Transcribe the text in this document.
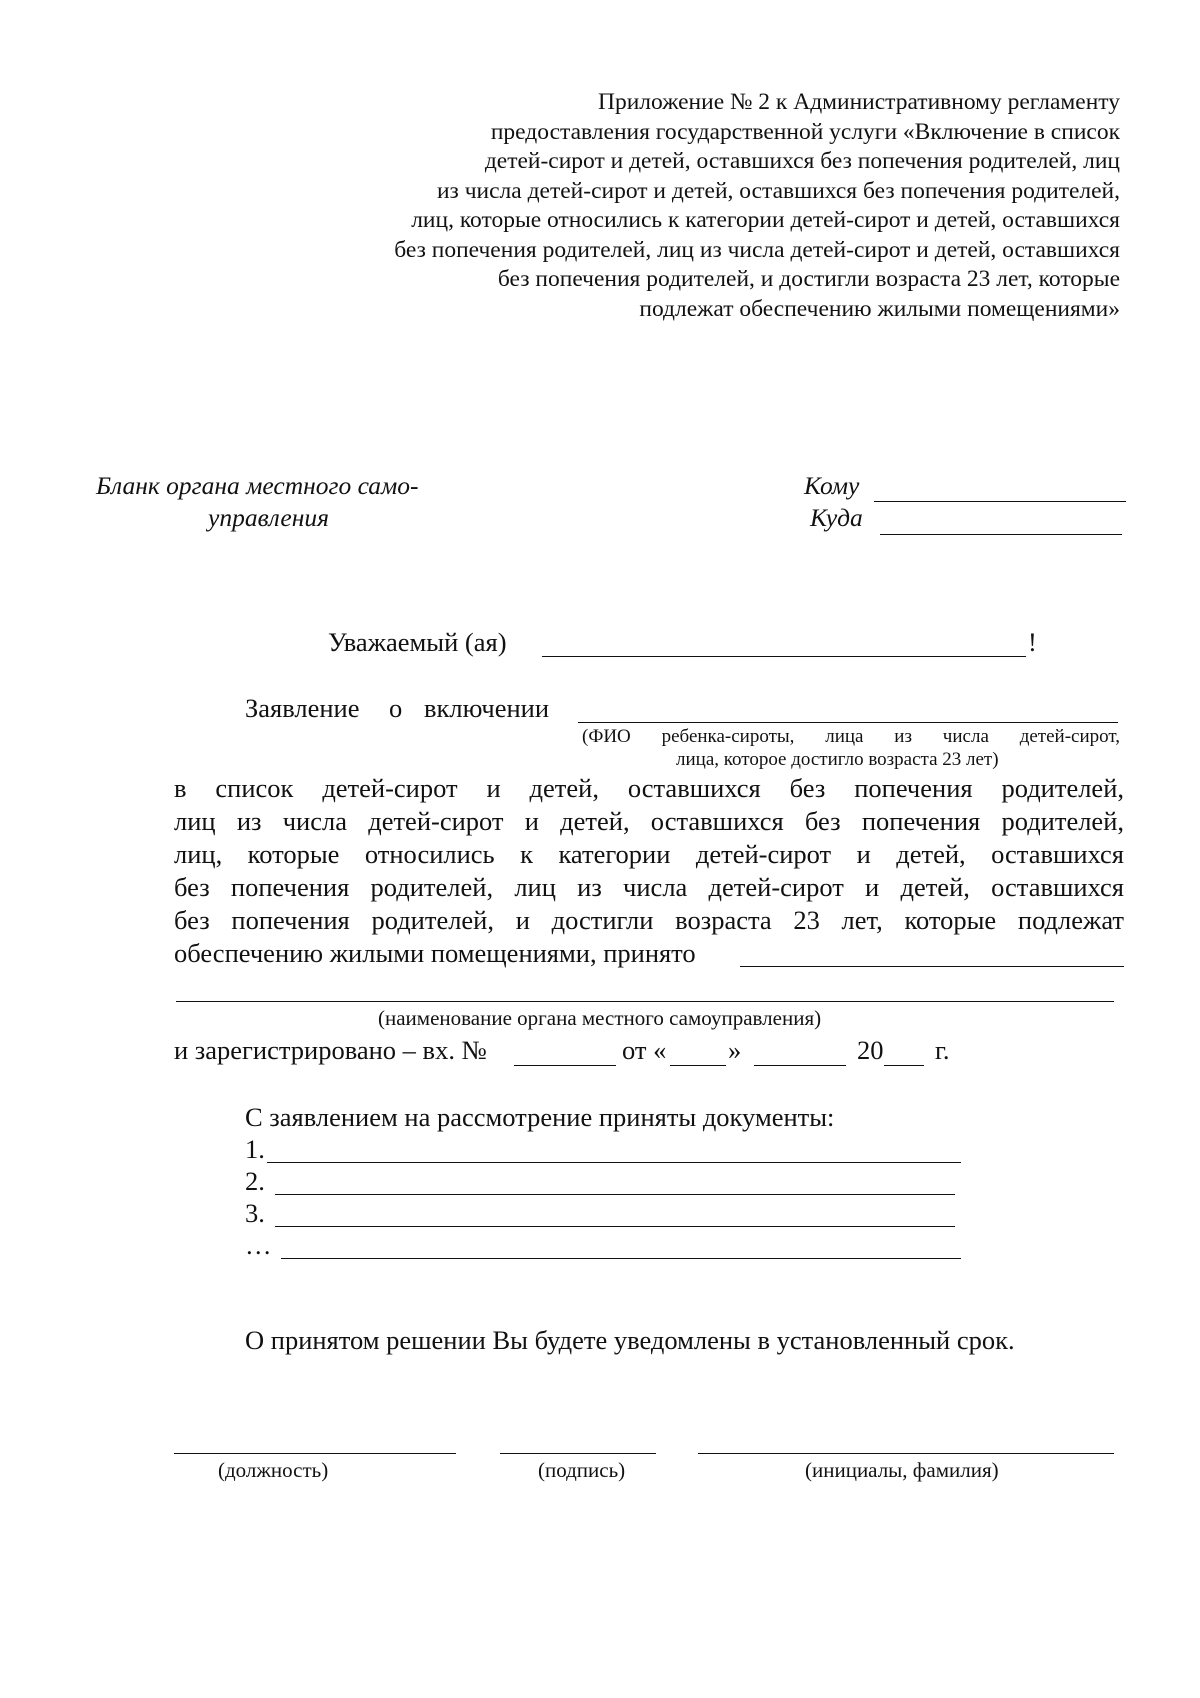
Приложение № 2 к Административному регламенту
предоставления государственной услуги «Включение в список
детей-сирот и детей, оставшихся без попечения родителей, лиц
из числа детей-сирот и детей, оставшихся без попечения родителей,
лиц, которые относились к категории детей-сирот и детей, оставшихся
без попечения родителей, лиц из числа детей-сирот и детей, оставшихся
без попечения родителей, и достигли возраста 23 лет, которые
подлежат обеспечению жилыми помещениями»
Бланк органа местного само-
управления
Кому
Куда
Уважаемый (ая)	!
Заявление о включении
(ФИО ребенка-сироты, лица из числа детей-сирот,
лица, которое достигло возраста 23 лет)
в список детей-сирот и детей, оставшихся без попечения родителей,
лиц из числа детей-сирот и детей, оставшихся без попечения родителей,
лиц, которые относились к категории детей-сирот и детей, оставшихся
без попечения родителей, лиц из числа детей-сирот и детей, оставшихся
без попечения родителей, и достигли возраста 23 лет, которые подлежат
обеспечению жилыми помещениями, принято
(наименование органа местного самоуправления)
и зарегистрировано – вх. №	от « »	20 г.
С заявлением на рассмотрение приняты документы:
1.
2.
3.
…
О принятом решении Вы будете уведомлены в установленный срок.
(должность)	(подпись)	(инициалы, фамилия)
